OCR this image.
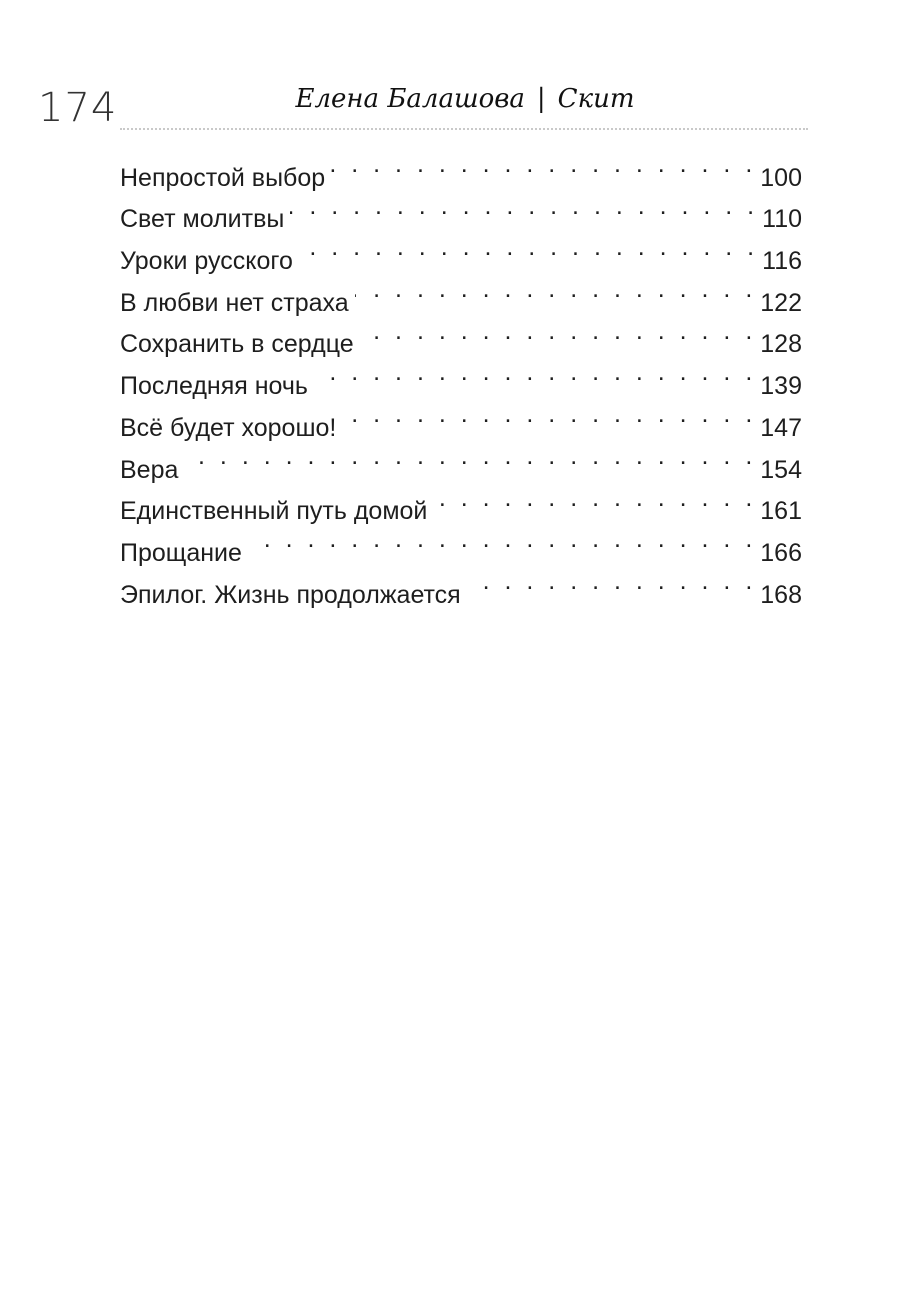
174	Елена Балашова | Скит
Непростой выбор . . .	100
Свет молитвы . . .	110
Уроки русского . . .	116
В любви нет страха . . .	122
Сохранить в сердце . . .	128
Последняя ночь . . .	139
Всё будет хорошо! . . .	147
Вера . . .	154
Единственный путь домой . . .	161
Прощание . . .	166
Эпилог. Жизнь продолжается . . .	168
